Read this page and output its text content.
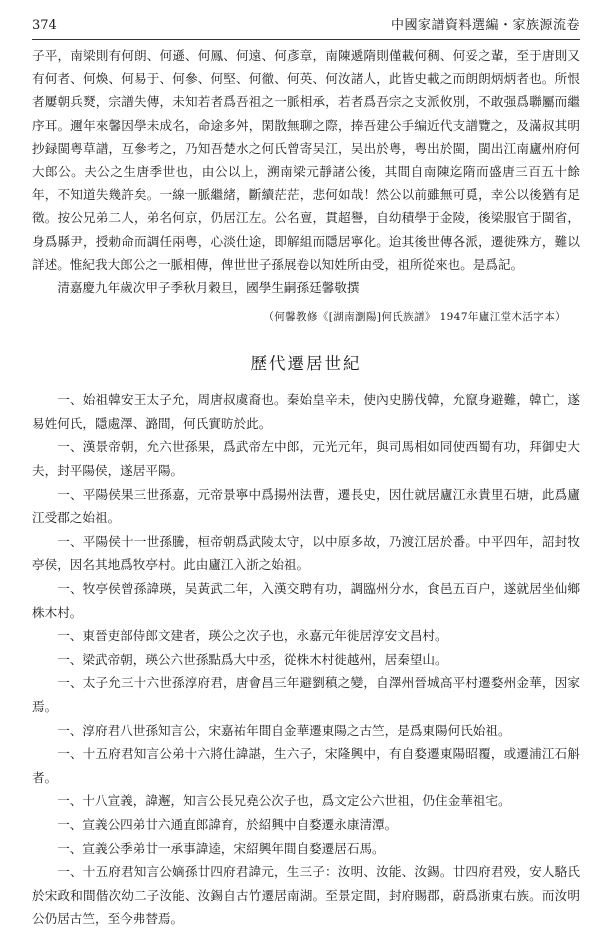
374	中國家譜資料選編・家族源流卷

子平，南梁則有何朗、何遜、何鳳、何遠、何彥章，南陳遞隋則僅載何稠、何妥之輩，至于唐則又有何者、何煥、何易于、何參、何堅、何徹、何英、何汝諸人，此皆史載之而朗朗炳炳者也。所恨者屢朝兵燹，宗譜失傳，未知若者爲吾祖之一脈相承，若者爲吾宗之支派攸別，不敢强爲聯屬而繼序耳。邇年來馨因學未成名，命途多舛，閑散無聊之際，捧吾建公手编近代支譜覽之，及滿叔其明抄録閩粤草譜，互參考之，乃知吾楚水之何氏曾寄吴江，吴出於粤，粤出於閩，閩出江南廬州府何大郎公。夫公之生唐季世也，由公以上，溯南梁元靜諸公後，其間自南陳迄隋而盛唐三百五十餘年，不知道失幾許矣。一線一脈繼緒，斷續茫茫，悲何如哉！然公以前雖無可覓，幸公以後猶有足徵。按公兄弟二人，弟名何京，仍居江左。公名亶，貫超譽，自幼積學于金陵，後梁服官于閩省，身爲縣尹，授勅命而調任兩粤，心淡仕途，即解組而隱居寧化。迨其後世傳各派，遷徙殊方，難以詳述。惟紀我大郎公之一脈相傳，俾世世子孫展卷以知姓所由受，祖所從來也。是爲記。

清嘉慶九年歲次甲子季秋月穀旦，國學生嗣孫廷馨敬撰

（何馨教修《[湖南瀏陽]何氏族譜》 1947年廬江堂木活字本）
歷代遷居世紀

一、始祖韓安王太子允，周唐叔虞裔也。秦始皇辛未，使內史勝伐韓，允竄身避難，韓亡，遂易姓何氏，隱處澤、潞間，何氏實昉於此。

一、漢景帝朝，允六世孫果，爲武帝左中郎，元光元年，與司馬相如同使西蜀有功，拜御史大夫，封平陽侯，遂居平陽。

一、平陽侯果三世孫嘉，元帝景寧中爲揚州法曹，遷長史，因仕就居廬江永貴里石塘，此爲廬江受郡之始祖。

一、平陽侯十一世孫騰，桓帝朝爲武陵太守，以中原多故，乃渡江居於番。中平四年，詔封牧亭侯，因名其地爲牧亭村。此由廬江入浙之始祖。

一、牧亭侯曾孫諱瑛，吴黃武二年，入漢交聘有功，調臨州分水，食邑五百户，遂就居坐仙鄉株木村。

一、東晉吏部侍郎文建者，瑛公之次子也，永嘉元年徙居淳安文昌村。

一、梁武帝朝，瑛公六世孫點爲大中丞，從株木村徙越州，居秦望山。

一、太子允三十六世孫淳府君，唐會昌三年避劉稹之變，自澤州晉城高平村遷婺州金華，因家焉。

一、淳府君八世孫知言公，宋嘉祐年間自金華遷東陽之古竺，是爲東陽何氏始祖。

一、十五府君知言公弟十六將仕諱諶，生六子，宋隆興中，有自婺遷東陽昭覆，或遷浦江石斛者。

一、十八宣義，諱邂，知言公長兄堯公次子也，爲文定公六世祖，仍住金華祖宅。

一、宣義公四弟廿六通直郎諱育，於紹興中自婺遷永康清潭。

一、宣義公季弟廿一承事諱逵，宋紹興年間自婺遷居石馬。

一、十五府君知言公嫡孫廿四府君諱元，生三子：汝明、汝能、汝錫。廿四府君殁，安人駱氏於宋政和間偕次幼二子汝能、汝錫自古竹遷居南湖。至景定間，封府賜郡，蔚爲浙東右族。而汝明公仍居古竺，至今弗替焉。
